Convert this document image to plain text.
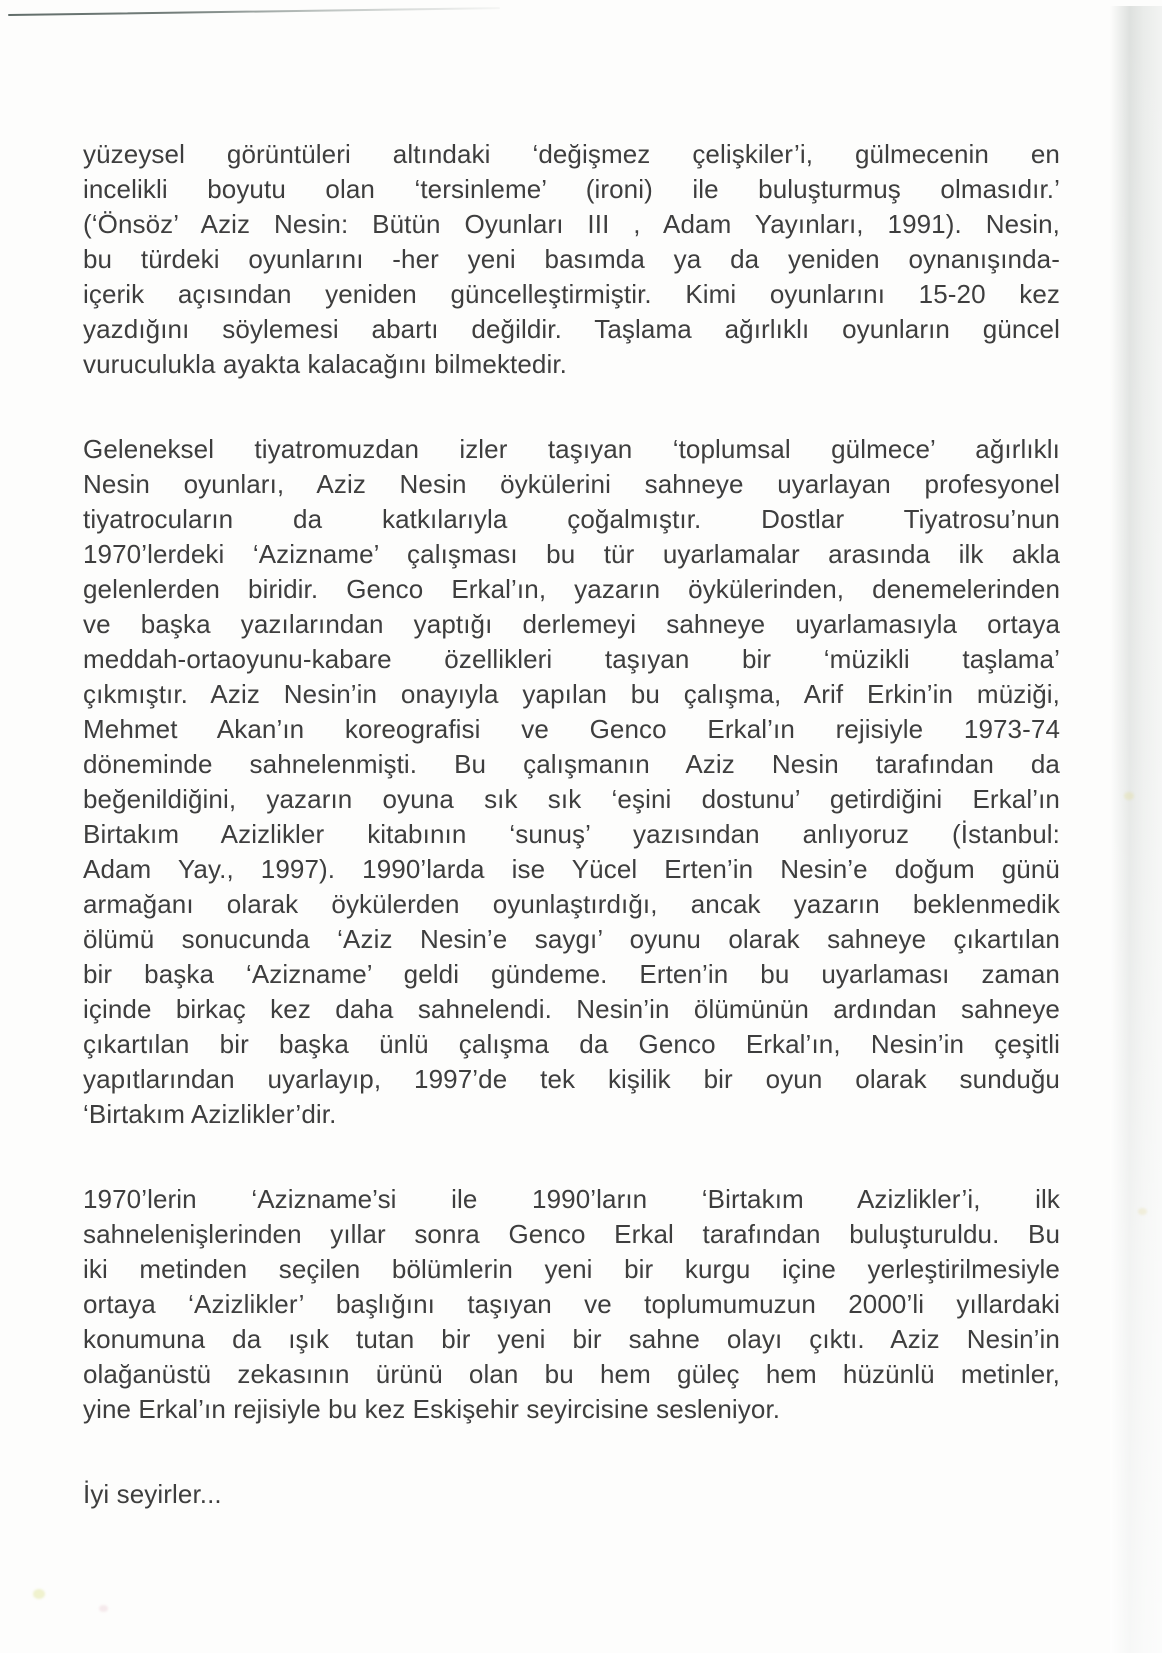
yüzeysel görüntüleri altındaki ‘değişmez çelişkiler’i, gülmecenin en
incelikli boyutu olan ‘tersinleme’ (ironi) ile buluşturmuş olmasıdır.’
(‘Önsöz’ Aziz Nesin: Bütün Oyunları III , Adam Yayınları, 1991). Nesin,
bu türdeki oyunlarını -her yeni basımda ya da yeniden oynanışında-
içerik açısından yeniden güncelleştirmiştir. Kimi oyunlarını 15-20 kez
yazdığını söylemesi abartı değildir. Taşlama ağırlıklı oyunların güncel
vuruculukla ayakta kalacağını bilmektedir.
Geleneksel tiyatromuzdan izler taşıyan ‘toplumsal gülmece’ ağırlıklı
Nesin oyunları, Aziz Nesin öykülerini sahneye uyarlayan profesyonel
tiyatrocuların da katkılarıyla çoğalmıştır. Dostlar Tiyatrosu’nun
1970’lerdeki ‘Azizname’ çalışması bu tür uyarlamalar arasında ilk akla
gelenlerden biridir. Genco Erkal’ın, yazarın öykülerinden, denemelerinden
ve başka yazılarından yaptığı derlemeyi sahneye uyarlamasıyla ortaya
meddah-ortaoyunu-kabare özellikleri taşıyan bir ‘müzikli taşlama’
çıkmıştır. Aziz Nesin’in onayıyla yapılan bu çalışma, Arif Erkin’in müziği,
Mehmet Akan’ın koreografisi ve Genco Erkal’ın rejisiyle 1973-74
döneminde sahnelenmişti. Bu çalışmanın Aziz Nesin tarafından da
beğenildiğini, yazarın oyuna sık sık ‘eşini dostunu’ getirdiğini Erkal’ın
Birtakım Azizlikler kitabının ‘sunuş’ yazısından anlıyoruz (İstanbul:
Adam Yay., 1997). 1990’larda ise Yücel Erten’in Nesin’e doğum günü
armağanı olarak öykülerden oyunlaştırdığı, ancak yazarın beklenmedik
ölümü sonucunda ‘Aziz Nesin’e saygı’ oyunu olarak sahneye çıkartılan
bir başka ‘Azizname’ geldi gündeme. Erten’in bu uyarlaması zaman
içinde birkaç kez daha sahnelendi. Nesin’in ölümünün ardından sahneye
çıkartılan bir başka ünlü çalışma da Genco Erkal’ın, Nesin’in çeşitli
yapıtlarından uyarlayıp, 1997’de tek kişilik bir oyun olarak sunduğu
‘Birtakım Azizlikler’dir.
1970’lerin ‘Azizname’si ile 1990’ların ‘Birtakım Azizlikler’i, ilk
sahnelenişlerinden yıllar sonra Genco Erkal tarafından buluşturuldu. Bu
iki metinden seçilen bölümlerin yeni bir kurgu içine yerleştirilmesiyle
ortaya ‘Azizlikler’ başlığını taşıyan ve toplumumuzun 2000’li yıllardaki
konumuna da ışık tutan bir yeni bir sahne olayı çıktı. Aziz Nesin’in
olağanüstü zekasının ürünü olan bu hem güleç hem hüzünlü metinler,
yine Erkal’ın rejisiyle bu kez Eskişehir seyircisine sesleniyor.
İyi seyirler...
